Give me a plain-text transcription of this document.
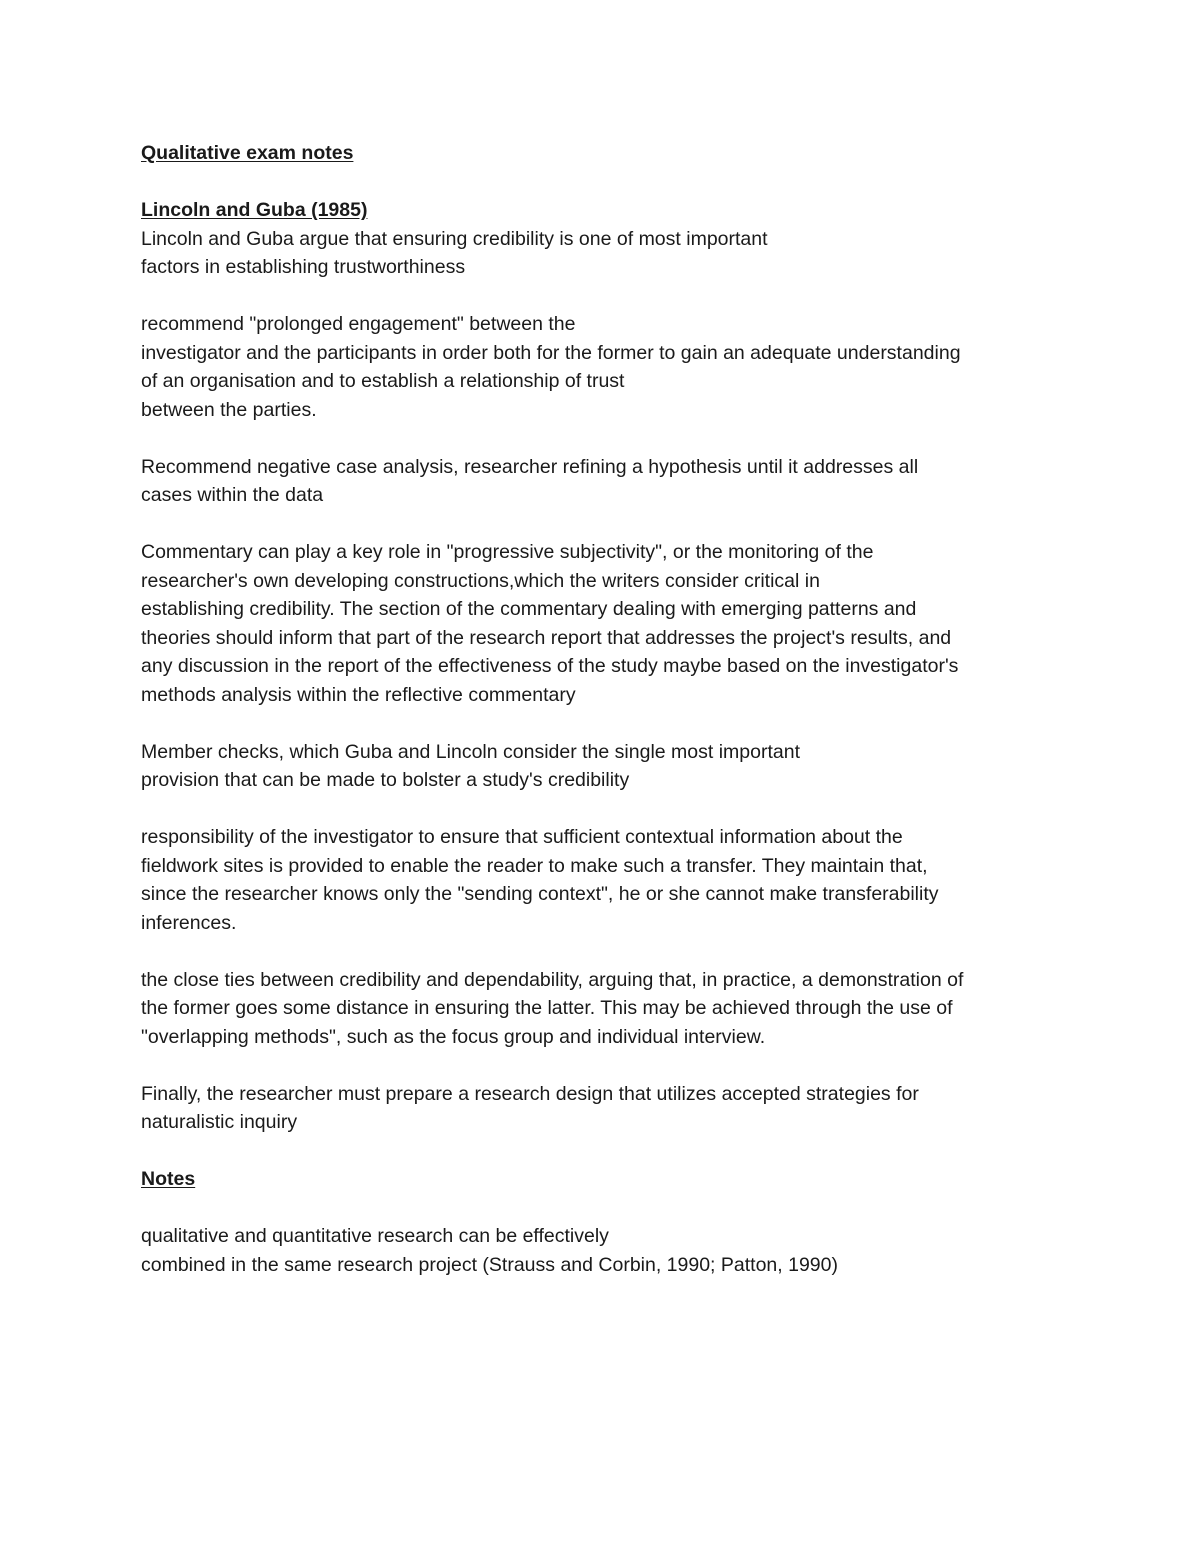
Qualitative exam notes
Lincoln and Guba (1985)
Lincoln and Guba argue that ensuring credibility is one of most important
factors in establishing trustworthiness
recommend "prolonged engagement" between the
investigator and the participants in order both for the former to gain an adequate understanding
of an organisation and to establish a relationship of trust
between the parties.
Recommend negative case analysis, researcher refining a hypothesis until it addresses all
cases within the data
Commentary can play a key role in "progressive subjectivity", or the monitoring of the
researcher's own developing constructions,which the writers consider critical in
establishing credibility. The section of the commentary dealing with emerging patterns and
theories should inform that part of the research report that addresses the project's results, and
any discussion in the report of the effectiveness of the study maybe based on the investigator's
methods analysis within the reflective commentary
Member checks, which Guba and Lincoln consider the single most important
provision that can be made to bolster a study's credibility
responsibility of the investigator to ensure that sufficient contextual information about the
fieldwork sites is provided to enable the reader to make such a transfer. They maintain that,
since the researcher knows only the "sending context", he or she cannot make transferability
inferences.
the close ties between credibility and dependability, arguing that, in practice, a demonstration of
the former goes some distance in ensuring the latter. This may be achieved through the use of
"overlapping methods", such as the focus group and individual interview.
Finally, the researcher must prepare a research design that utilizes accepted strategies for
naturalistic inquiry
Notes
qualitative and quantitative research can be effectively
combined in the same research project (Strauss and Corbin, 1990; Patton, 1990)
